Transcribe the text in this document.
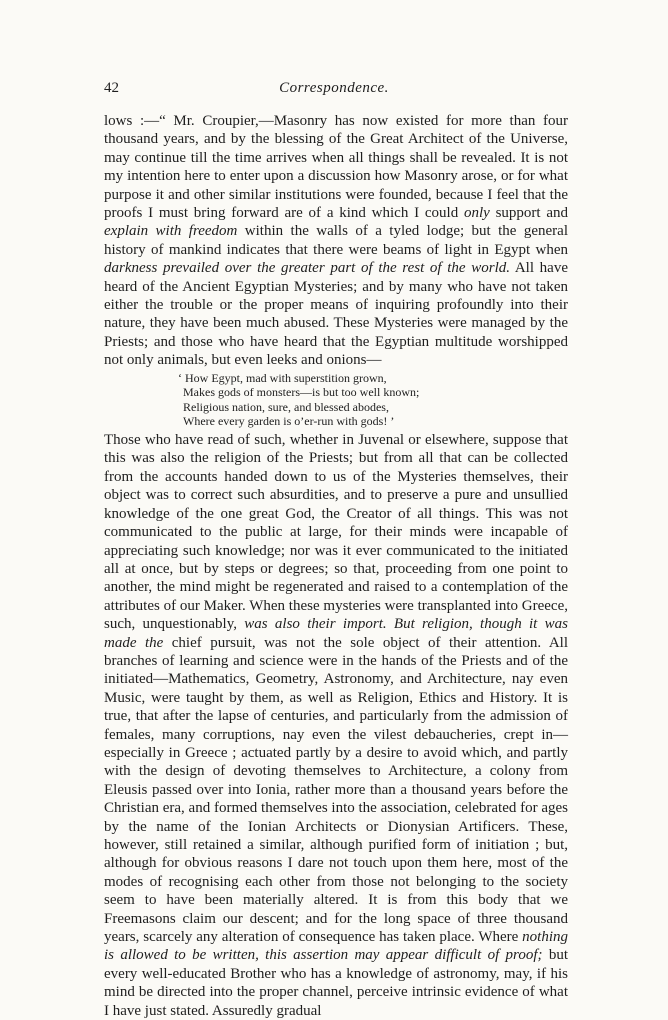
42	Correspondence.

lows :—“ Mr. Croupier,—Masonry has now existed for more than four thousand years, and by the blessing of the Great Architect of the Universe, may continue till the time arrives when all things shall be revealed. It is not my intention here to enter upon a discussion how Masonry arose, or for what purpose it and other similar institutions were founded, because I feel that the proofs I must bring forward are of a kind which I could only support and explain with freedom within the walls of a tyled lodge; but the general history of mankind indicates that there were beams of light in Egypt when darkness prevailed over the greater part of the rest of the world. All have heard of the Ancient Egyptian Mysteries; and by many who have not taken either the trouble or the proper means of inquiring profoundly into their nature, they have been much abused. These Mysteries were managed by the Priests; and those who have heard that the Egyptian multitude worshipped not only animals, but even leeks and onions—

‘ How Egypt, mad with superstition grown,
Makes gods of monsters—is but too well known;
Religious nation, sure, and blessed abodes,
Where every garden is o’er-run with gods! ’

Those who have read of such, whether in Juvenal or elsewhere, suppose that this was also the religion of the Priests; but from all that can be collected from the accounts handed down to us of the Mysteries themselves, their object was to correct such absurdities, and to preserve a pure and unsullied knowledge of the one great God, the Creator of all things. This was not communicated to the public at large, for their minds were incapable of appreciating such knowledge; nor was it ever communicated to the initiated all at once, but by steps or degrees; so that, proceeding from one point to another, the mind might be regenerated and raised to a contemplation of the attributes of our Maker. When these mysteries were transplanted into Greece, such, unquestionably, was also their import. But religion, though it was made the chief pursuit, was not the sole object of their attention. All branches of learning and science were in the hands of the Priests and of the initiated—Mathematics, Geometry, Astronomy, and Architecture, nay even Music, were taught by them, as well as Religion, Ethics and History. It is true, that after the lapse of centuries, and particularly from the admission of females, many corruptions, nay even the vilest debaucheries, crept in—especially in Greece ; actuated partly by a desire to avoid which, and partly with the design of devoting themselves to Architecture, a colony from Eleusis passed over into Ionia, rather more than a thousand years before the Christian era, and formed themselves into the association, celebrated for ages by the name of the Ionian Architects or Dionysian Artificers. These, however, still retained a similar, although purified form of initiation ; but, although for obvious reasons I dare not touch upon them here, most of the modes of recognising each other from those not belonging to the society seem to have been materially altered. It is from this body that we Freemasons claim our descent; and for the long space of three thousand years, scarcely any alteration of consequence has taken place. Where nothing is allowed to be written, this assertion may appear difficult of proof; but every well-educated Brother who has a knowledge of astronomy, may, if his mind be directed into the proper channel, perceive intrinsic evidence of what I have just stated. Assuredly gradual
